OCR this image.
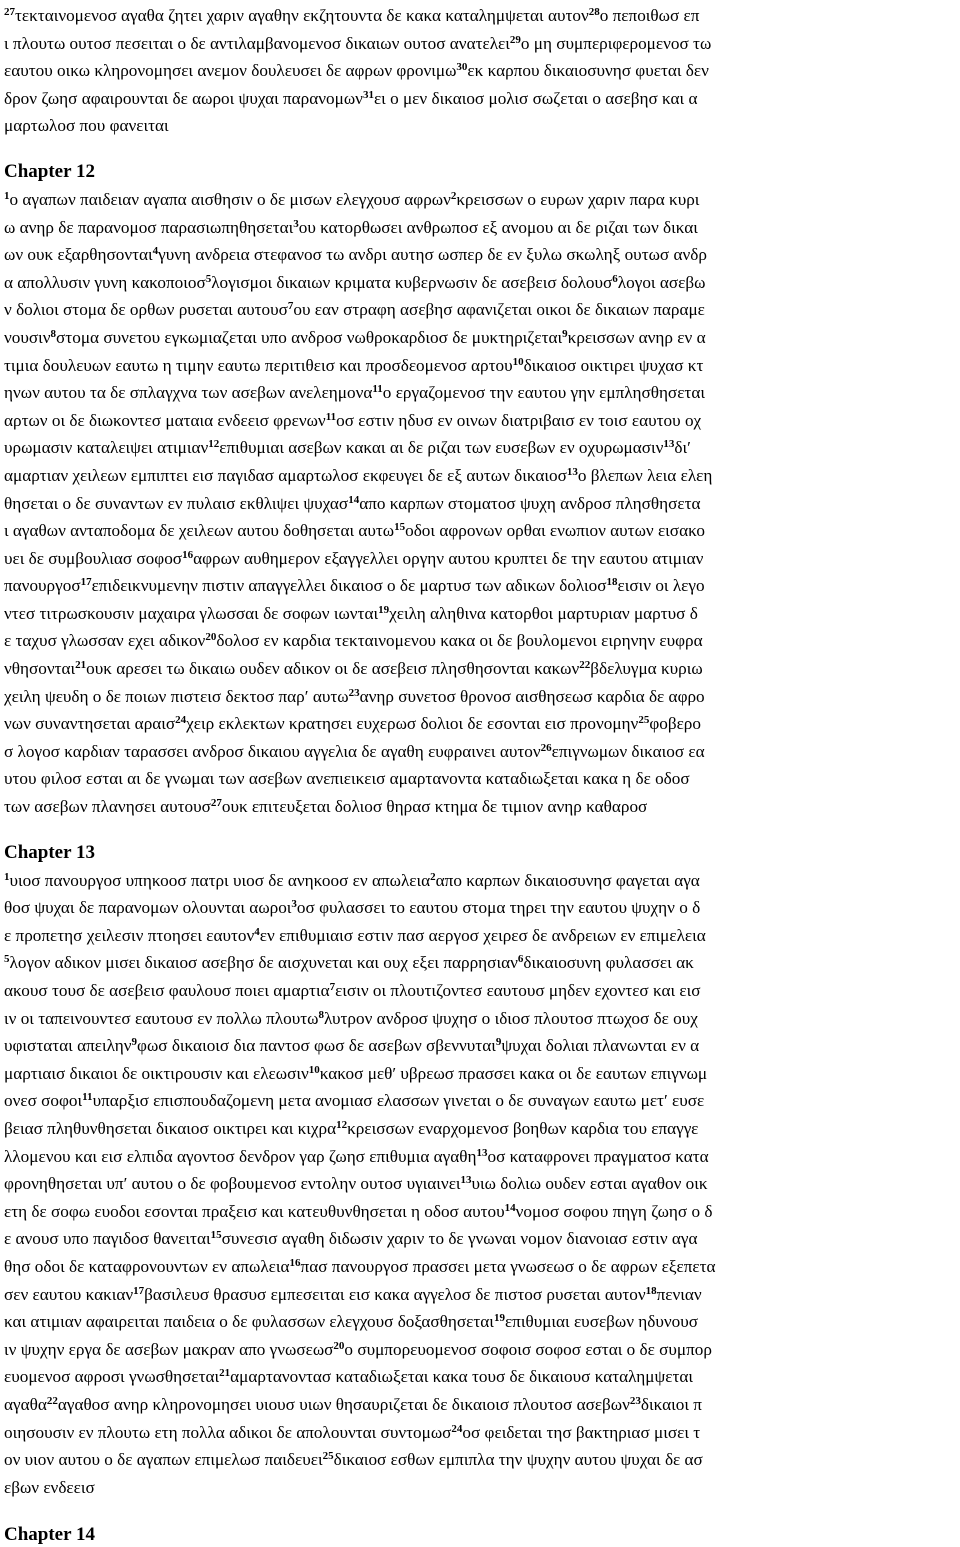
$^{27}$τεκταινομενοσ αγαθα ζητει χαριν αγαθην εκζητουντα δε κακα καταλημψεται αυτον$^{28}$ο πεποιθωσ επ
ι πλουτω ουτοσ πεσειται ο δε αντιλαμβανομενοσ δικαιων ουτοσ ανατελει$^{29}$ο μη συμπεριφερομενοσ τω
εαυτου οικω κληρονομησει ανεμον δουλευσει δε αφρων φρονιμω$^{30}$εκ καρπου δικαιοσυνησ φυεται δεν
δρον ζωησ αφαιρουνται δε αωροι ψυχαι παρανομων$^{31}$ει ο μεν δικαιοσ μολισ σωζεται ο ασεβησ και α
μαρτωλοσ που φανειται
Chapter 12
$^1$ο αγαπων παιδειαν αγαπα αισθησιν ο δε μισων ελεγχουσ αφρων$^2$κρεισσων ο ευρων χαριν παρα κυρι
ω ανηρ δε παρανομοσ παρασιωπηθησεται$^3$ου κατορθωσει ανθρωποσ εξ ανομου αι δε ριζαι των δικαι
ων ουκ εξαρθησονται$^4$γυνη ανδρεια στεφανοσ τω ανδρι αυτησ ωσπερ δε εν ξυλω σκωληξ ουτωσ ανδρ
α απολλυσιν γυνη κακοποιοσ$^5$λογισμοι δικαιων κριματα κυβερνωσιν δε ασεβεισ δολουσ$^6$λογοι ασεβω
ν δολιοι στομα δε ορθων ρυσεται αυτουσ$^7$ου εαν στραφη ασεβησ αφανιζεται οικοι δε δικαιων παραμε
νουσιν$^8$στομα συνετου εγκωμιαζεται υπο ανδροσ νωθροκαρδιοσ δε μυκτηριζεται$^9$κρεισσων ανηρ εν α
τιμια δουλευων εαυτω η τιμην εαυτω περιτιθεισ και προσδεομενοσ αρτου$^{10}$δικαιοσ οικτιρει ψυχασ κτ
ηνων αυτου τα δε σπλαγχνα των ασεβων ανελεημονα$^{11}$ο εργαζομενοσ την εαυτου γην εμπλησθησεται
αρτων οι δε διωκοντεσ ματαια ενδεεισ φρενων$^{11}$οσ εστιν ηδυσ εν οινων διατριβαισ εν τοισ εαυτου οχ
υρωμασιν καταλειψει ατιμιαν$^{12}$επιθυμιαι ασεβων κακαι αι δε ριζαι των ευσεβων εν οχυρωμασιν$^{13}$δι′
αμαρτιαν χειλεων εμπιπτει εισ παγιδασ αμαρτωλοσ εκφευγει δε εξ αυτων δικαιοσ$^{13}$ο βλεπων λεια ελεη
θησεται ο δε συναντων εν πυλαισ εκθλιψει ψυχασ$^{14}$απο καρπων στοματοσ ψυχη ανδροσ πλησθησετα
ι αγαθων ανταποδομα δε χειλεων αυτου δοθησεται αυτω$^{15}$οδοι αφρονων ορθαι ενωπιον αυτων εισακο
υει δε συμβουλιασ σοφοσ$^{16}$αφρων αυθημερον εξαγγελλει οργην αυτου κρυπτει δε την εαυτου ατιμιαν
πανουργοσ$^{17}$επιδεικνυμενην πιστιν απαγγελλει δικαιοσ ο δε μαρτυσ των αδικων δολιοσ$^{18}$εισιν οι λεγο
ντεσ τιτρωσκουσιν μαχαιρα γλωσσαι δε σοφων ιωνται$^{19}$χειλη αληθινα κατορθοι μαρτυριαν μαρτυσ δ
ε ταχυσ γλωσσαν εχει αδικον$^{20}$δολοσ εν καρδια τεκταινομενου κακα οι δε βουλομενοι ειρηνην ευφρα
νθησονται$^{21}$ουκ αρεσει τω δικαιω ουδεν αδικον οι δε ασεβεισ πλησθησονται κακων$^{22}$βδελυγμα κυριω
χειλη ψευδη ο δε ποιων πιστεισ δεκτοσ παρ′ αυτω$^{23}$ανηρ συνετοσ θρονοσ αισθησεωσ καρδια δε αφρο
νων συναντησεται αραισ$^{24}$χειρ εκλεκτων κρατησει ευχερωσ δολιοι δε εσονται εισ προνομην$^{25}$φοβερο
σ λογοσ καρδιαν ταρασσει ανδροσ δικαιου αγγελια δε αγαθη ευφραινει αυτον$^{26}$επιγνωμων δικαιοσ εα
υτου φιλοσ εσται αι δε γνωμαι των ασεβων ανεπιεικεισ αμαρτανοντα καταδιωξεται κακα η δε οδοσ
των ασεβων πλανησει αυτουσ$^{27}$ουκ επιτευξεται δολιοσ θηρασ κτημα δε τιμιον ανηρ καθαροσ
Chapter 13
$^1$υιοσ πανουργοσ υπηκοοσ πατρι υιοσ δε ανηκοοσ εν απωλεια$^2$απο καρπων δικαιοσυνησ φαγεται αγα
θοσ ψυχαι δε παρανομων ολουνται αωροι$^3$οσ φυλασσει το εαυτου στομα τηρει την εαυτου ψυχην ο δ
ε προπετησ χειλεσιν πτοησει εαυτον$^4$εν επιθυμιαισ εστιν πασ αεργοσ χειρεσ δε ανδρειων εν επιμελεια
$^5$λογον αδικον μισει δικαιοσ ασεβησ δε αισχυνεται και ουχ εξει παρρησιαν$^6$δικαιοσυνη φυλασσει ακ
ακουσ τουσ δε ασεβεισ φαυλουσ ποιει αμαρτια$^7$εισιν οι πλουτιζοντεσ εαυτουσ μηδεν εχοντεσ και εισ
ιν οι ταπεινουντεσ εαυτουσ εν πολλω πλουτω$^8$λυτρον ανδροσ ψυχησ ο ιδιοσ πλουτοσ πτωχοσ δε ουχ
υφισταται απειλην$^9$φωσ δικαιοισ δια παντοσ φωσ δε ασεβων σβεννυται$^9$ψυχαι δολιαι πλανωνται εν α
μαρτιαισ δικαιοι δε οικτιρουσιν και ελεωσιν$^{10}$κακοσ μεθ′ υβρεωσ πρασσει κακα οι δε εαυτων επιγνωμ
ονεσ σοφοι$^{11}$υπαρξισ επισπουδαζομενη μετα ανομιασ ελασσων γινεται ο δε συναγων εαυτω μετ′ ευσε
βειασ πληθυνθησεται δικαιοσ οικτιρει και κιχρα$^{12}$κρεισσων εναρχομενοσ βοηθων καρδια του επαγγε
λλομενου και εισ ελπιδα αγοντοσ δενδρον γαρ ζωησ επιθυμια αγαθη$^{13}$οσ καταφρονει πραγματοσ κατα
φρονηθησεται υπ′ αυτου ο δε φοβουμενοσ εντολην ουτοσ υγιαινει$^{13}$υιω δολιω ουδεν εσται αγαθον οικ
ετη δε σοφω ευοδοι εσονται πραξεισ και κατευθυνθησεται η οδοσ αυτου$^{14}$νομοσ σοφου πηγη ζωησ ο δ
ε ανουσ υπο παγιδοσ θανειται$^{15}$συνεσισ αγαθη διδωσιν χαριν το δε γνωναι νομον διανοιασ εστιν αγα
θησ οδοι δε καταφρονουντων εν απωλεια$^{16}$πασ πανουργοσ πρασσει μετα γνωσεωσ ο δε αφρων εξεπετα
σεν εαυτου κακιαν$^{17}$βασιλευσ θρασυσ εμπεσειται εισ κακα αγγελοσ δε πιστοσ ρυσεται αυτον$^{18}$πενιαν
και ατιμιαν αφαιρειται παιδεια ο δε φυλασσων ελεγχουσ δοξασθησεται$^{19}$επιθυμιαι ευσεβων ηδυνουσ
ιν ψυχην εργα δε ασεβων μακραν απο γνωσεωσ$^{20}$ο συμπορευομενοσ σοφοισ σοφοσ εσται ο δε συμπορ
ευομενοσ αφροσι γνωσθησεται$^{21}$αμαρτανοντασ καταδιωξεται κακα τουσ δε δικαιουσ καταλημψεται
αγαθα$^{22}$αγαθοσ ανηρ κληρονομησει υιουσ υιων θησαυριζεται δε δικαιοισ πλουτοσ ασεβων$^{23}$δικαιοι π
οιησουσιν εν πλουτω ετη πολλα αδικοι δε απολουνται συντομωσ$^{24}$οσ φειδεται τησ βακτηριασ μισει τ
ον υιον αυτου ο δε αγαπων επιμελωσ παιδευει$^{25}$δικαιοσ εσθων εμπιπλα την ψυχην αυτου ψυχαι δε ασ
εβων ενδεεισ
Chapter 14
